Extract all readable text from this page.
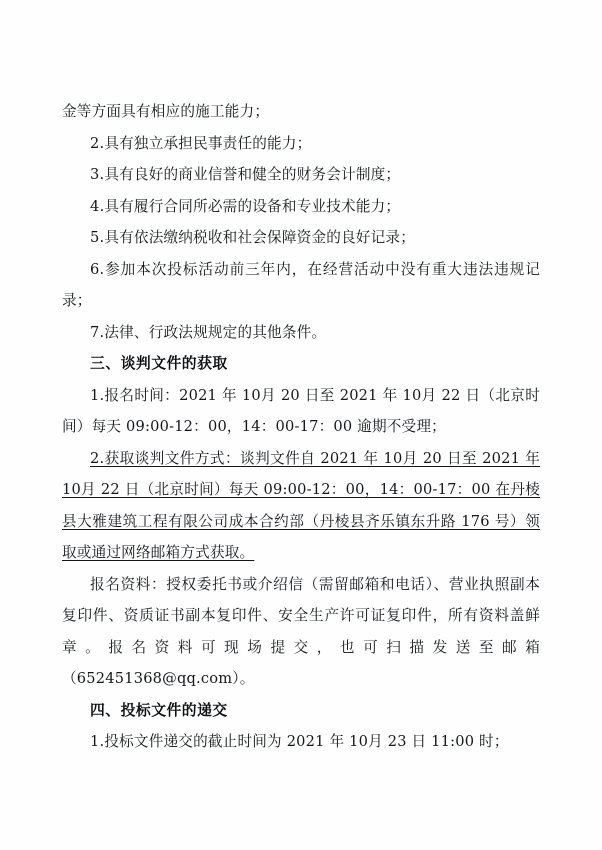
金等方面具有相应的施工能力；

2.具有独立承担民事责任的能力；

3.具有良好的商业信誉和健全的财务会计制度；

4.具有履行合同所必需的设备和专业技术能力；

5.具有依法缴纳税收和社会保障资金的良好记录；

6.参加本次投标活动前三年内，在经营活动中没有重大违法违规记录；

7.法律、行政法规规定的其他条件。

三、谈判文件的获取

1.报名时间：2021 年 10月 20 日至 2021 年 10月 22 日（北京时间）每天 09:00-12：00，14：00-17：00 逾期不受理；

2.获取谈判文件方式：谈判文件自 2021 年 10月 20 日至 2021 年 10月 22 日（北京时间）每天 09:00-12：00，14：00-17：00 在丹棱县大雅建筑工程有限公司成本合约部（丹棱县齐乐镇东升路 176 号）领取或通过网络邮箱方式获取。

报名资料：授权委托书或介绍信（需留邮箱和电话）、营业执照副本复印件、资质证书副本复印件、安全生产许可证复印件，所有资料盖鲜章。报名资料可现场提交，也可扫描发送至邮箱（652451368@qq.com）。

四、投标文件的递交

1.投标文件递交的截止时间为 2021 年 10月 23 日 11:00 时；
